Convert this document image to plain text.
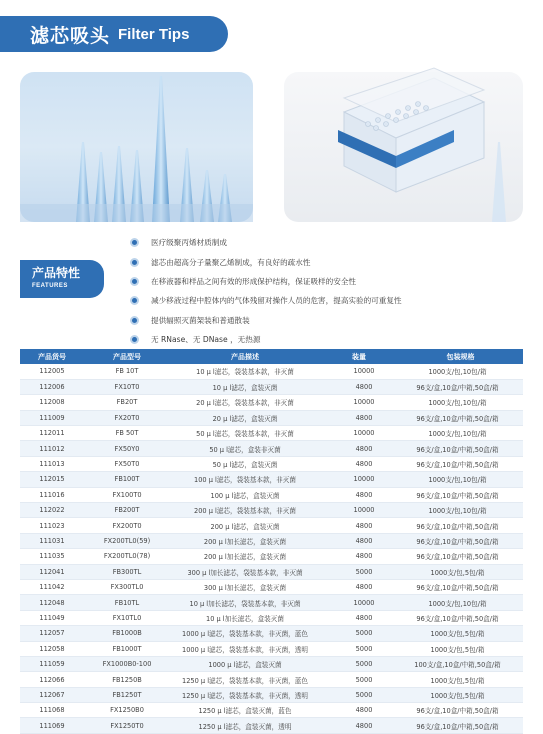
滤芯吸头 Filter Tips
产品特性
FEATURES
医疗级聚丙烯材质制成
滤芯由超高分子量聚乙烯制成，有良好的疏水性
在移液器和样品之间有效的形成保护结构，保证吸样的安全性
减少移液过程中腔体内的气体残留对操作人员的危害，提高实验的可重复性
提供辐照灭菌架装和普通散装
无 RNase、无 DNase ，无热源
产品货号	产品型号	产品描述	装量	包装规格
112005	FB 10T	10 μ l滤芯，袋装基本款，非灭菌	10000	1000支/包,10包/箱
112006	FX10T0	10 μ l滤芯，盒装灭菌	4800	96支/盒,10盒/中箱,50盒/箱
112008	FB20T	20 μ l滤芯，袋装基本款，非灭菌	10000	1000支/包,10包/箱
111009	FX20T0	20 μ l滤芯，盒装灭菌	4800	96支/盒,10盒/中箱,50盒/箱
112011	FB 50T	50 μ l滤芯，袋装基本款，非灭菌	10000	1000支/包,10包/箱
111012	FX50Y0	50 μ l滤芯，盒装非灭菌	4800	96支/盒,10盒/中箱,50盒/箱
111013	FX50T0	50 μ l滤芯，盒装灭菌	4800	96支/盒,10盒/中箱,50盒/箱
112015	FB100T	100 μ l滤芯，袋装基本款，非灭菌	10000	1000支/包,10包/箱
111016	FX100T0	100 μ l滤芯，盒装灭菌	4800	96支/盒,10盒/中箱,50盒/箱
112022	FB200T	200 μ l滤芯，袋装基本款，非灭菌	10000	1000支/包,10包/箱
111023	FX200T0	200 μ l滤芯，盒装灭菌	4800	96支/盒,10盒/中箱,50盒/箱
111031	FX200TL0(59)	200 μ l加长滤芯，盒装灭菌	4800	96支/盒,10盒/中箱,50盒/箱
111035	FX200TL0(78)	200 μ l加长滤芯，盒装灭菌	4800	96支/盒,10盒/中箱,50盒/箱
112041	FB300TL	300 μ l加长滤芯，袋装基本款，非灭菌	5000	1000支/包,5包/箱
111042	FX300TL0	300 μ l加长滤芯，盒装灭菌	4800	96支/盒,10盒/中箱,50盒/箱
112048	FB10TL	10 μ l加长滤芯，袋装基本款，非灭菌	10000	1000支/包,10包/箱
111049	FX10TL0	10 μ l加长滤芯，盒装灭菌	4800	96支/盒,10盒/中箱,50盒/箱
112057	FB1000B	1000 μ l滤芯，袋装基本款，非灭菌，蓝色	5000	1000支/包,5包/箱
112058	FB1000T	1000 μ l滤芯，袋装基本款，非灭菌，透明	5000	1000支/包,5包/箱
111059	FX1000B0-100	1000 μ l滤芯，盒装灭菌	5000	100支/盒,10盒/中箱,50盒/箱
112066	FB1250B	1250 μ l滤芯，袋装基本款，非灭菌，蓝色	5000	1000支/包,5包/箱
112067	FB1250T	1250 μ l滤芯，袋装基本款，非灭菌，透明	5000	1000支/包,5包/箱
111068	FX1250B0	1250 μ l滤芯，盒装灭菌，蓝色	4800	96支/盒,10盒/中箱,50盒/箱
111069	FX1250T0	1250 μ l滤芯，盒装灭菌，透明	4800	96支/盒,10盒/中箱,50盒/箱
